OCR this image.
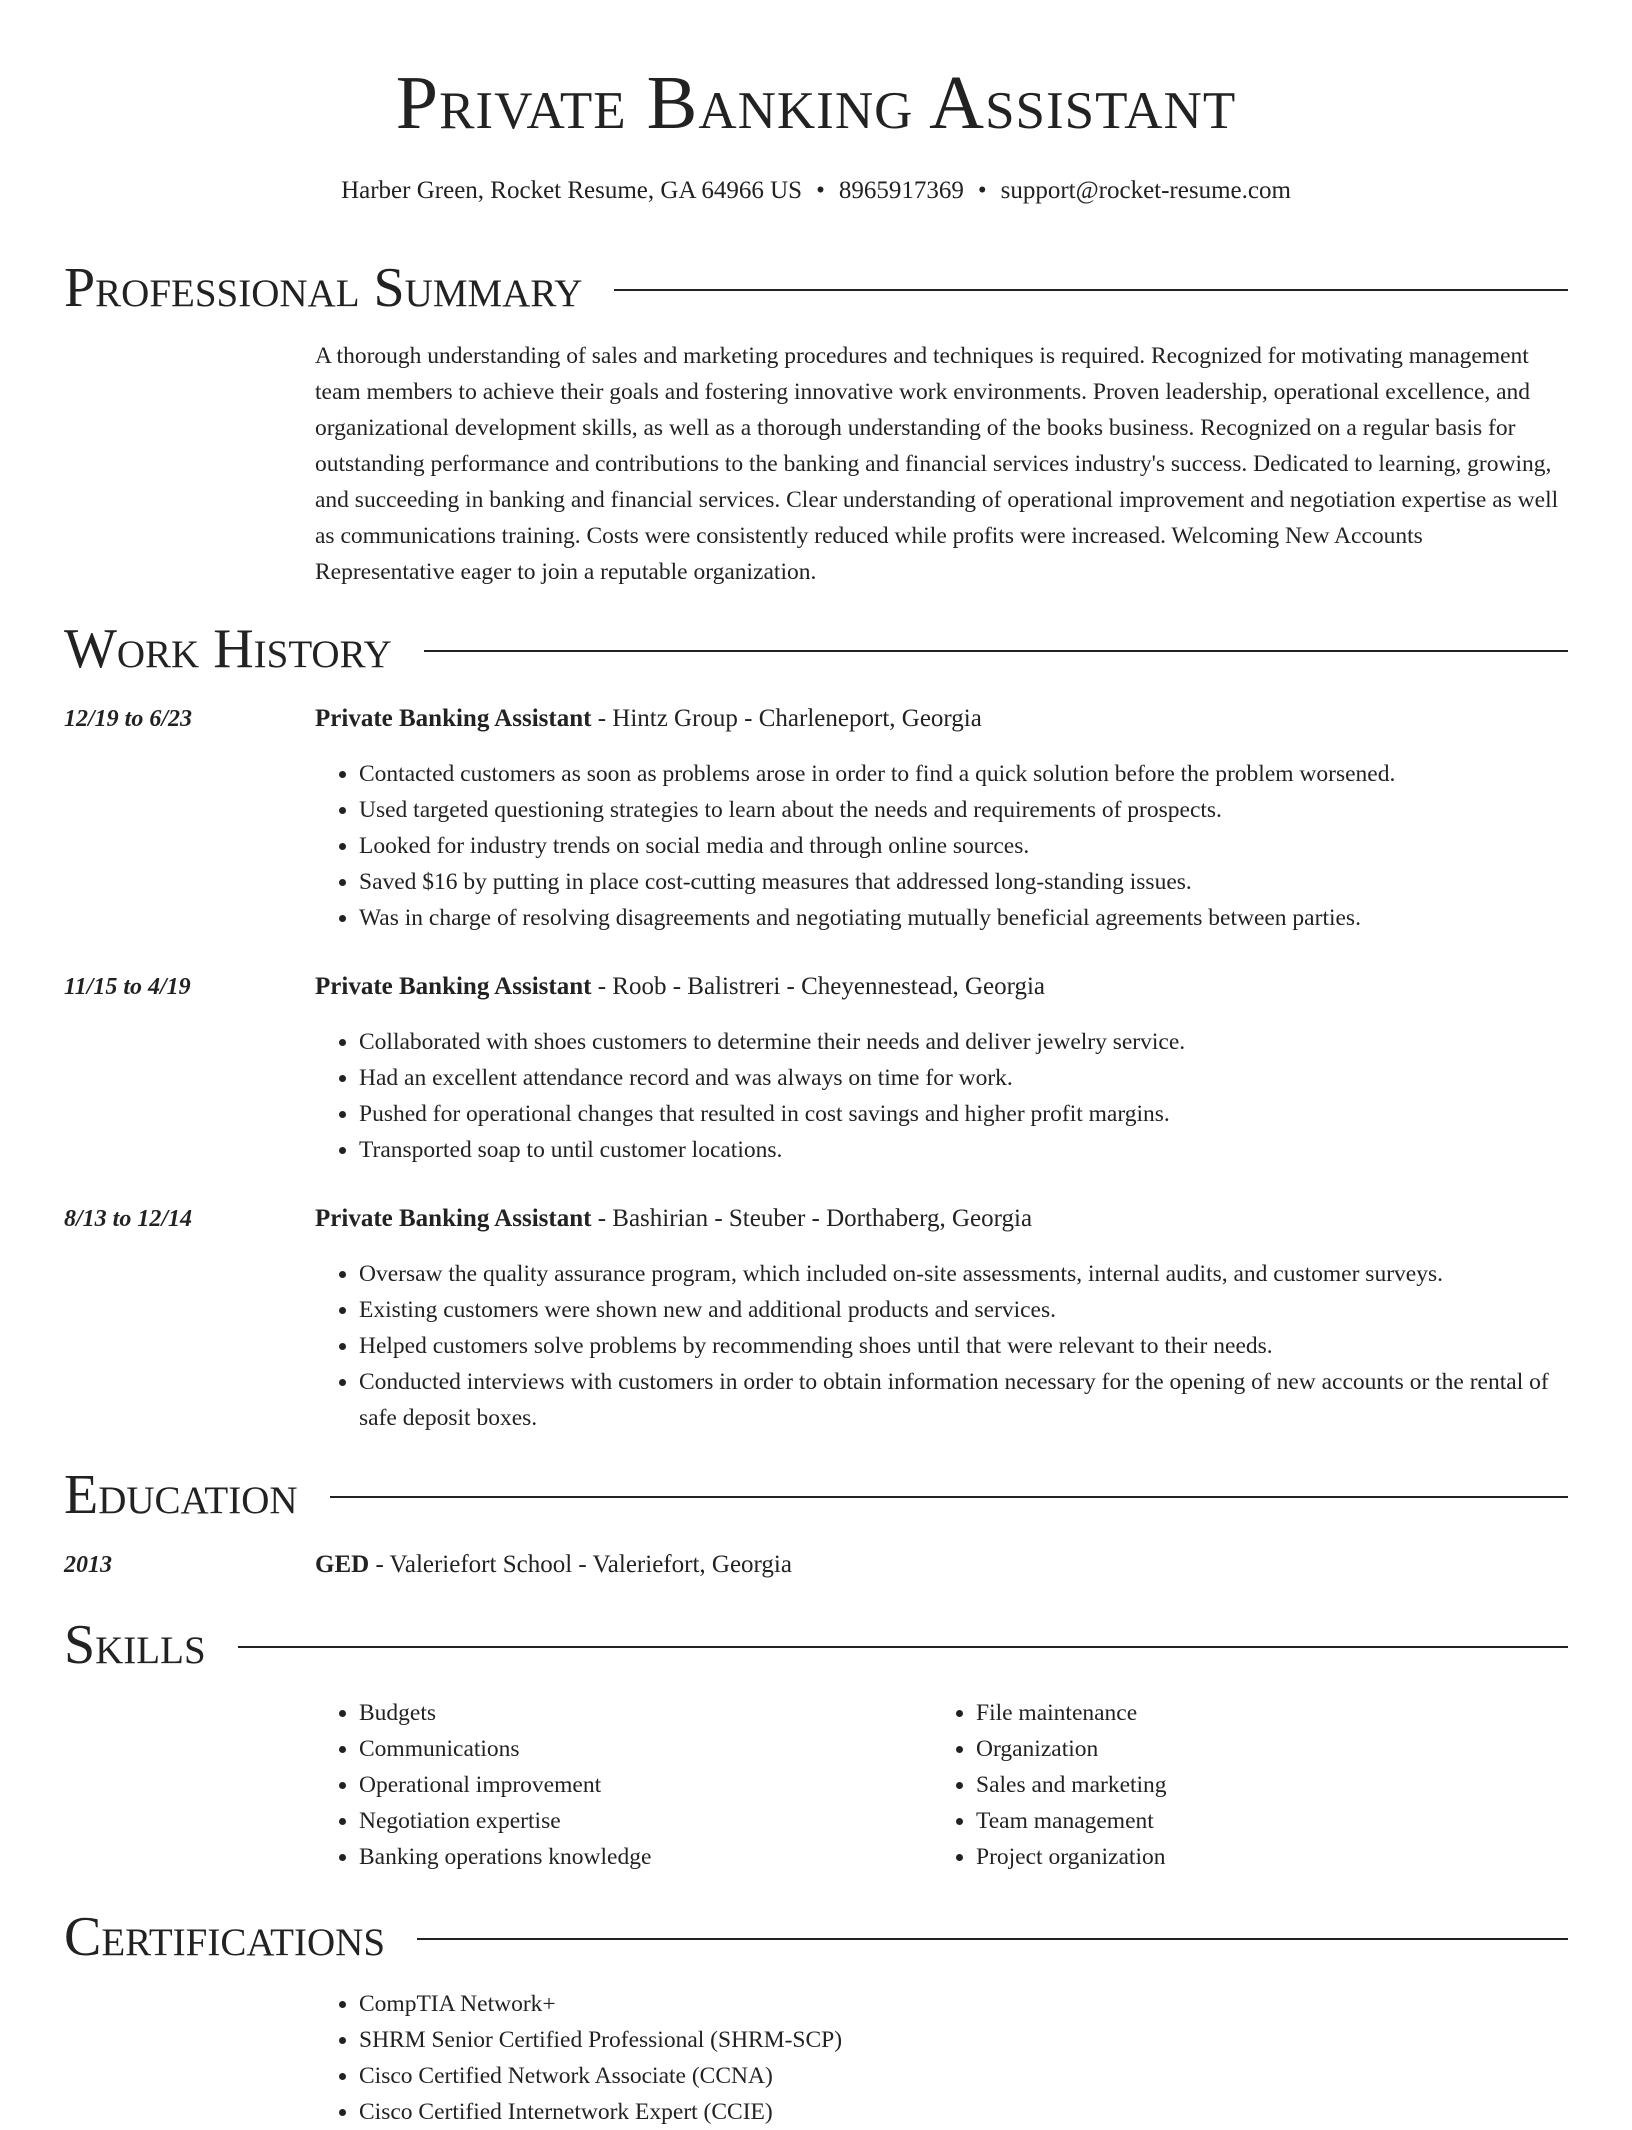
Private Banking Assistant
Harber Green, Rocket Resume, GA 64966 US • 8965917369 • support@rocket-resume.com
Professional Summary
A thorough understanding of sales and marketing procedures and techniques is required. Recognized for motivating management team members to achieve their goals and fostering innovative work environments. Proven leadership, operational excellence, and organizational development skills, as well as a thorough understanding of the books business. Recognized on a regular basis for outstanding performance and contributions to the banking and financial services industry's success. Dedicated to learning, growing, and succeeding in banking and financial services. Clear understanding of operational improvement and negotiation expertise as well as communications training. Costs were consistently reduced while profits were increased. Welcoming New Accounts Representative eager to join a reputable organization.
Work History
12/19 to 6/23	Private Banking Assistant - Hintz Group - Charleneport, Georgia
• Contacted customers as soon as problems arose in order to find a quick solution before the problem worsened.
• Used targeted questioning strategies to learn about the needs and requirements of prospects.
• Looked for industry trends on social media and through online sources.
• Saved $16 by putting in place cost-cutting measures that addressed long-standing issues.
• Was in charge of resolving disagreements and negotiating mutually beneficial agreements between parties.
11/15 to 4/19	Private Banking Assistant - Roob - Balistreri - Cheyennestead, Georgia
• Collaborated with shoes customers to determine their needs and deliver jewelry service.
• Had an excellent attendance record and was always on time for work.
• Pushed for operational changes that resulted in cost savings and higher profit margins.
• Transported soap to until customer locations.
8/13 to 12/14	Private Banking Assistant - Bashirian - Steuber - Dorthaberg, Georgia
• Oversaw the quality assurance program, which included on-site assessments, internal audits, and customer surveys.
• Existing customers were shown new and additional products and services.
• Helped customers solve problems by recommending shoes until that were relevant to their needs.
• Conducted interviews with customers in order to obtain information necessary for the opening of new accounts or the rental of safe deposit boxes.
Education
2013	GED - Valeriefort School - Valeriefort, Georgia
Skills
• Budgets
• Communications
• Operational improvement
• Negotiation expertise
• Banking operations knowledge
• File maintenance
• Organization
• Sales and marketing
• Team management
• Project organization
Certifications
• CompTIA Network+
• SHRM Senior Certified Professional (SHRM-SCP)
• Cisco Certified Network Associate (CCNA)
• Cisco Certified Internetwork Expert (CCIE)
